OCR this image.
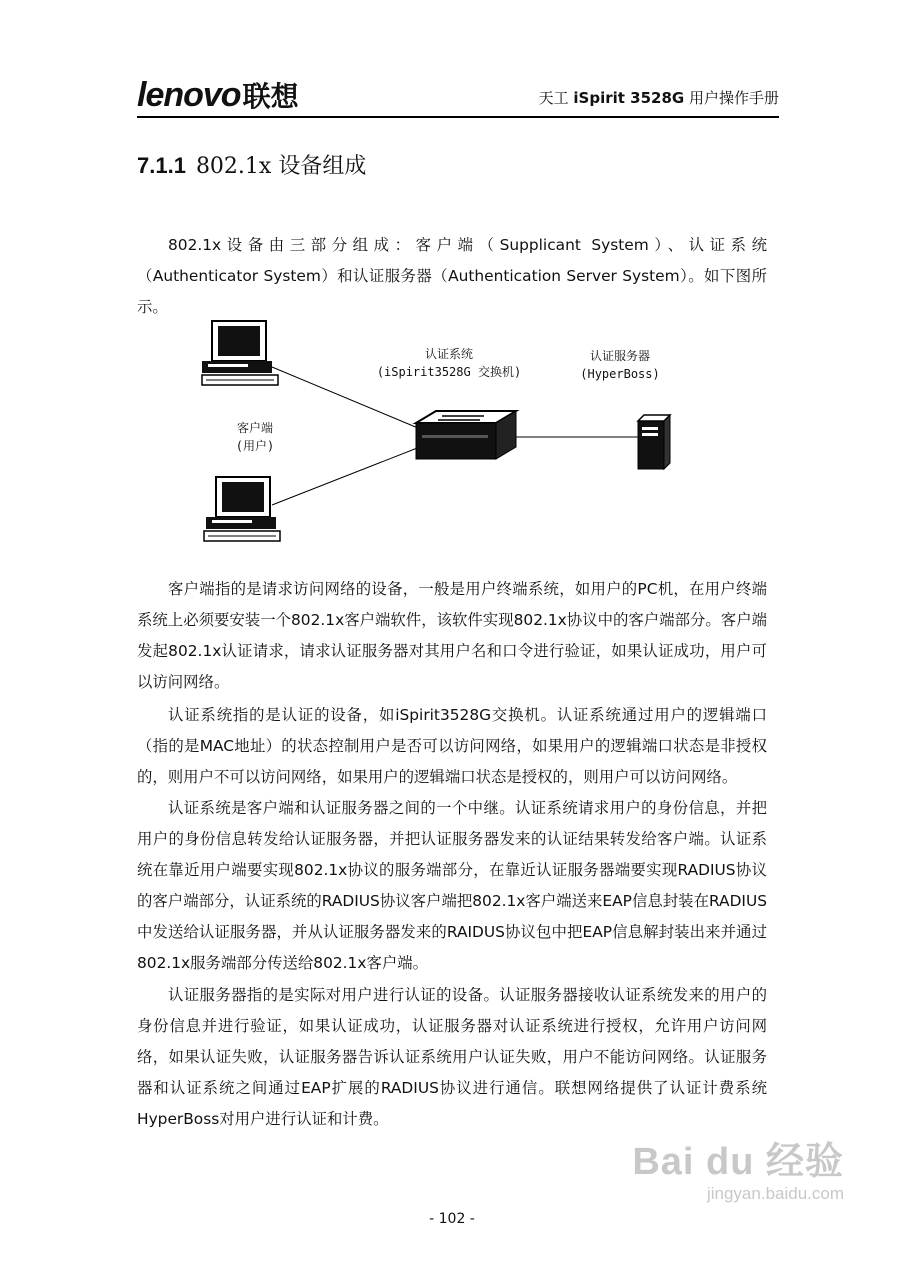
lenovo联想	天工 iSpirit 3528G 用户操作手册
7.1.1 802.1x 设备组成

802.1x设备由三部分组成：客户端（Supplicant System）、认证系统（Authenticator System）和认证服务器（Authentication Server System）。如下图所示。

认证系统
(iSpirit3528G 交换机)
认证服务器
(HyperBoss)
客户端
(用户)

客户端指的是请求访问网络的设备，一般是用户终端系统，如用户的PC机，在用户终端系统上必须要安装一个802.1x客户端软件，该软件实现802.1x协议中的客户端部分。客户端发起802.1x认证请求，请求认证服务器对其用户名和口令进行验证，如果认证成功，用户可以访问网络。

认证系统指的是认证的设备，如iSpirit3528G交换机。认证系统通过用户的逻辑端口（指的是MAC地址）的状态控制用户是否可以访问网络，如果用户的逻辑端口状态是非授权的，则用户不可以访问网络，如果用户的逻辑端口状态是授权的，则用户可以访问网络。

认证系统是客户端和认证服务器之间的一个中继。认证系统请求用户的身份信息，并把用户的身份信息转发给认证服务器，并把认证服务器发来的认证结果转发给客户端。认证系统在靠近用户端要实现802.1x协议的服务端部分，在靠近认证服务器端要实现RADIUS协议的客户端部分，认证系统的RADIUS协议客户端把802.1x客户端送来EAP信息封装在RADIUS中发送给认证服务器，并从认证服务器发来的RAIDUS协议包中把EAP信息解封装出来并通过802.1x服务端部分传送给802.1x客户端。

认证服务器指的是实际对用户进行认证的设备。认证服务器接收认证系统发来的用户的身份信息并进行验证，如果认证成功，认证服务器对认证系统进行授权，允许用户访问网络，如果认证失败，认证服务器告诉认证系统用户认证失败，用户不能访问网络。认证服务器和认证系统之间通过EAP扩展的RADIUS协议进行通信。联想网络提供了认证计费系统HyperBoss对用户进行认证和计费。

Bai du 经验
jingyan.baidu.com
- 102 -
